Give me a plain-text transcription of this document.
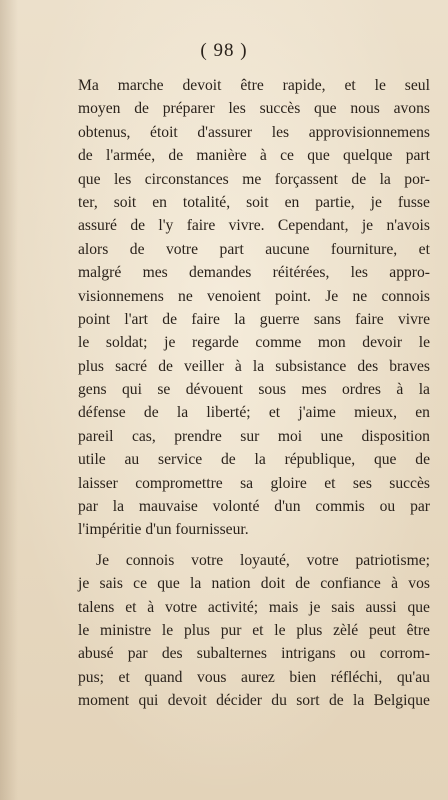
( 98 )
Ma marche devoit être rapide, et le seul
moyen de préparer les succès que nous avons
obtenus, étoit d'assurer les approvisionnemens
de l'armée, de manière à ce que quelque part
que les circonstances me forçassent de la por-
ter, soit en totalité, soit en partie, je fusse
assuré de l'y faire vivre. Cependant, je n'avois
alors de votre part aucune fourniture, et
malgré mes demandes réitérées, les appro-
visionnemens ne venoient point. Je ne connois
point l'art de faire la guerre sans faire vivre
le soldat; je regarde comme mon devoir le
plus sacré de veiller à la subsistance des braves
gens qui se dévouent sous mes ordres à la
défense de la liberté; et j'aime mieux, en
pareil cas, prendre sur moi une disposition
utile au service de la république, que de
laisser compromettre sa gloire et ses succès
par la mauvaise volonté d'un commis ou par
l'impéritie d'un fournisseur.
Je connois votre loyauté, votre patriotisme;
je sais ce que la nation doit de confiance à vos
talens et à votre activité; mais je sais aussi que
le ministre le plus pur et le plus zèlé peut être
abusé par des subalternes intrigans ou corrom-
pus; et quand vous aurez bien réfléchi, qu'au
moment qui devoit décider du sort de la Belgique
